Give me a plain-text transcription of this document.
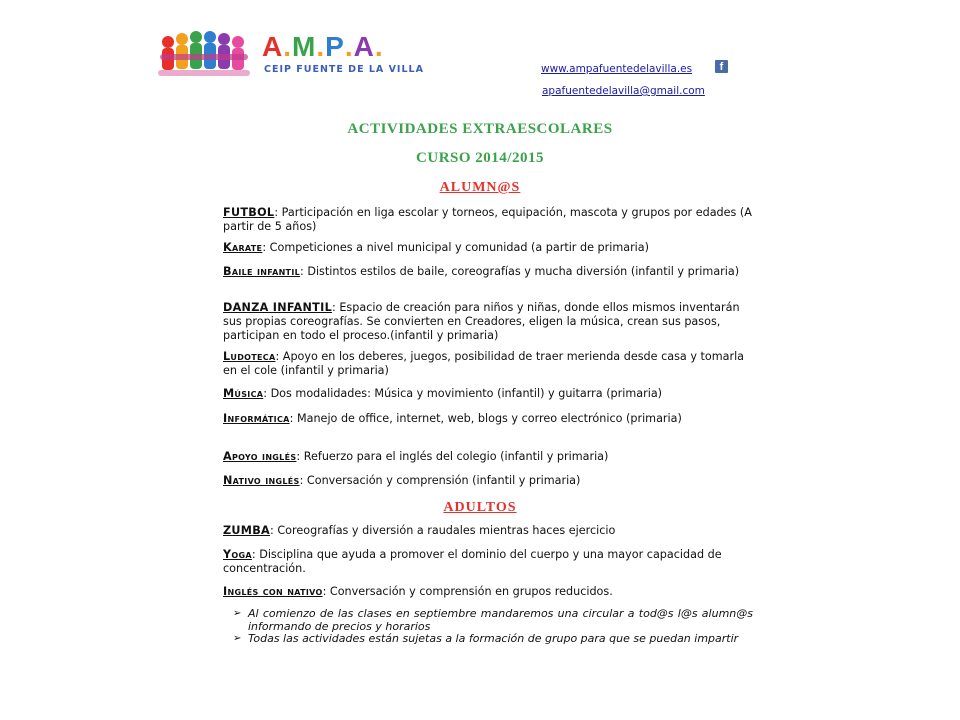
A.M.P.A.
CEIP FUENTE DE LA VILLA	www.ampafuentedelavilla.es	f
apafuentedelavilla@gmail.com
ACTIVIDADES EXTRAESCOLARES
CURSO 2014/2015
ALUMN@S
FUTBOL: Participación en liga escolar y torneos, equipación, mascota y grupos por edades (A partir de 5 años)
Karate: Competiciones a nivel municipal y comunidad (a partir de primaria)
Baile infantil: Distintos estilos de baile, coreografías y mucha diversión (infantil y primaria)
DANZA INFANTIL: Espacio de creación para niños y niñas, donde ellos mismos inventarán sus propias coreografías. Se convierten en Creadores, eligen la música, crean sus pasos, participan en todo el proceso.(infantil y primaria)
Ludoteca: Apoyo en los deberes, juegos, posibilidad de traer merienda desde casa y tomarla en el cole (infantil y primaria)
Música: Dos modalidades: Música y movimiento (infantil) y guitarra (primaria)
Informática: Manejo de office, internet, web, blogs y correo electrónico (primaria)
Apoyo inglés: Refuerzo para el inglés del colegio (infantil y primaria)
Nativo inglés: Conversación y comprensión (infantil y primaria)
ADULTOS
ZUMBA: Coreografías y diversión a raudales mientras haces ejercicio
Yoga: Disciplina que ayuda a promover el dominio del cuerpo y una mayor capacidad de concentración.
Inglés con nativo: Conversación y comprensión en grupos reducidos.
➢ Al comienzo de las clases en septiembre mandaremos una circular a tod@s l@s alumn@s informando de precios y horarios
➢ Todas las actividades están sujetas a la formación de grupo para que se puedan impartir
